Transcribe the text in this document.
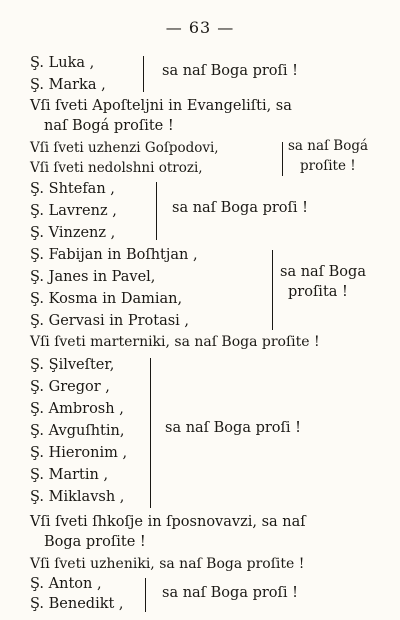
— 63 —
Ş. Luka ,
Ş. Marka ,
sa naſ Boga proſi !
Vſi ſveti Apoſteljni in Evangeliſti, sa
naſ Bogá proſite !
Vſi ſveti uzhenzi Goſpodovi,
Vſi ſveti nedolshni otrozi,
sa naſ Bogá
proſite !
Ş. Shtefan ,
Ş. Lavrenz ,
Ş. Vinzenz ,
sa naſ Boga proſi !
Ş. Fabijan in Boſhtjan ,
Ş. Janes in Pavel,
Ş. Kosma in Damian,
Ş. Gervasi in Protasi ,
sa naſ Boga
proſita !
Vſi ſveti marterniki, sa naſ Boga proſite !
Ş. Şilveſter,
Ş. Gregor ,
Ş. Ambrosh ,
Ş. Avguſhtin,
Ş. Hieronim ,
Ş. Martin ,
Ş. Miklavsh ,
sa naſ Boga proſi !
Vſi ſveti ſhkoſje in ſposnovavzi, sa naſ
Boga proſite !
Vſi ſveti uzheniki, sa naſ Boga proſite !
Ş. Anton ,
Ş. Benedikt ,
sa naſ Boga proſi !
